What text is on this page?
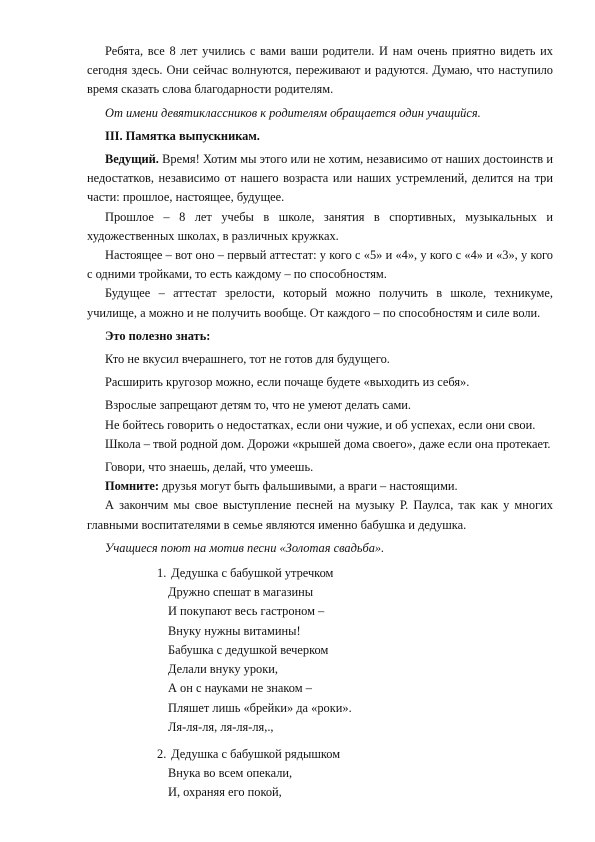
Ребята, все 8 лет учились с вами ваши родители. И нам очень приятно видеть их сегодня здесь. Они сейчас волнуются, переживают и радуются. Думаю, что наступило время сказать слова благодарности родителям.

От имени девятиклассников к родителям обращается один учащийся.

III. Памятка выпускникам.

Ведущий. Время! Хотим мы этого или не хотим, независимо от наших достоинств и недостатков, независимо от нашего возраста или наших устремлений, делится на три части: прошлое, настоящее, будущее.

Прошлое – 8 лет учебы в школе, занятия в спортивных, музыкальных и художественных школах, в различных кружках.

Настоящее – вот оно – первый аттестат: у кого с «5» и «4», у кого с «4» и «3», у кого с одними тройками, то есть каждому – по способностям.

Будущее – аттестат зрелости, который можно получить в школе, техникуме, училище, а можно и не получить вообще. От каждого – по способностям и силе воли.

Это полезно знать:

Кто не вкусил вчерашнего, тот не готов для будущего.

Расширить кругозор можно, если почаще будете «выходить из себя».

Взрослые запрещают детям то, что не умеют делать сами.

Не бойтесь говорить о недостатках, если они чужие, и об успехах, если они свои.

Школа – твой родной дом. Дорожи «крышей дома своего», даже если она протекает.

Говори, что знаешь, делай, что умеешь.

Помните: друзья могут быть фальшивыми, а враги – настоящими.

А закончим мы свое выступление песней на музыку Р. Паулса, так как у многих главными воспитателями в семье являются именно бабушка и дедушка.

Учащиеся поют на мотив песни «Золотая свадьба».

1. Дедушка с бабушкой утречком
Дружно спешат в магазины
И покупают весь гастроном –
Внуку нужны витамины!
Бабушка с дедушкой вечерком
Делали внуку уроки,
А он с науками не знаком –
Пляшет лишь «брейки» да «роки».
Ля-ля-ля, ля-ля-ля,.,
2. Дедушка с бабушкой рядышком
Внука во всем опекали,
И, охраняя его покой,
